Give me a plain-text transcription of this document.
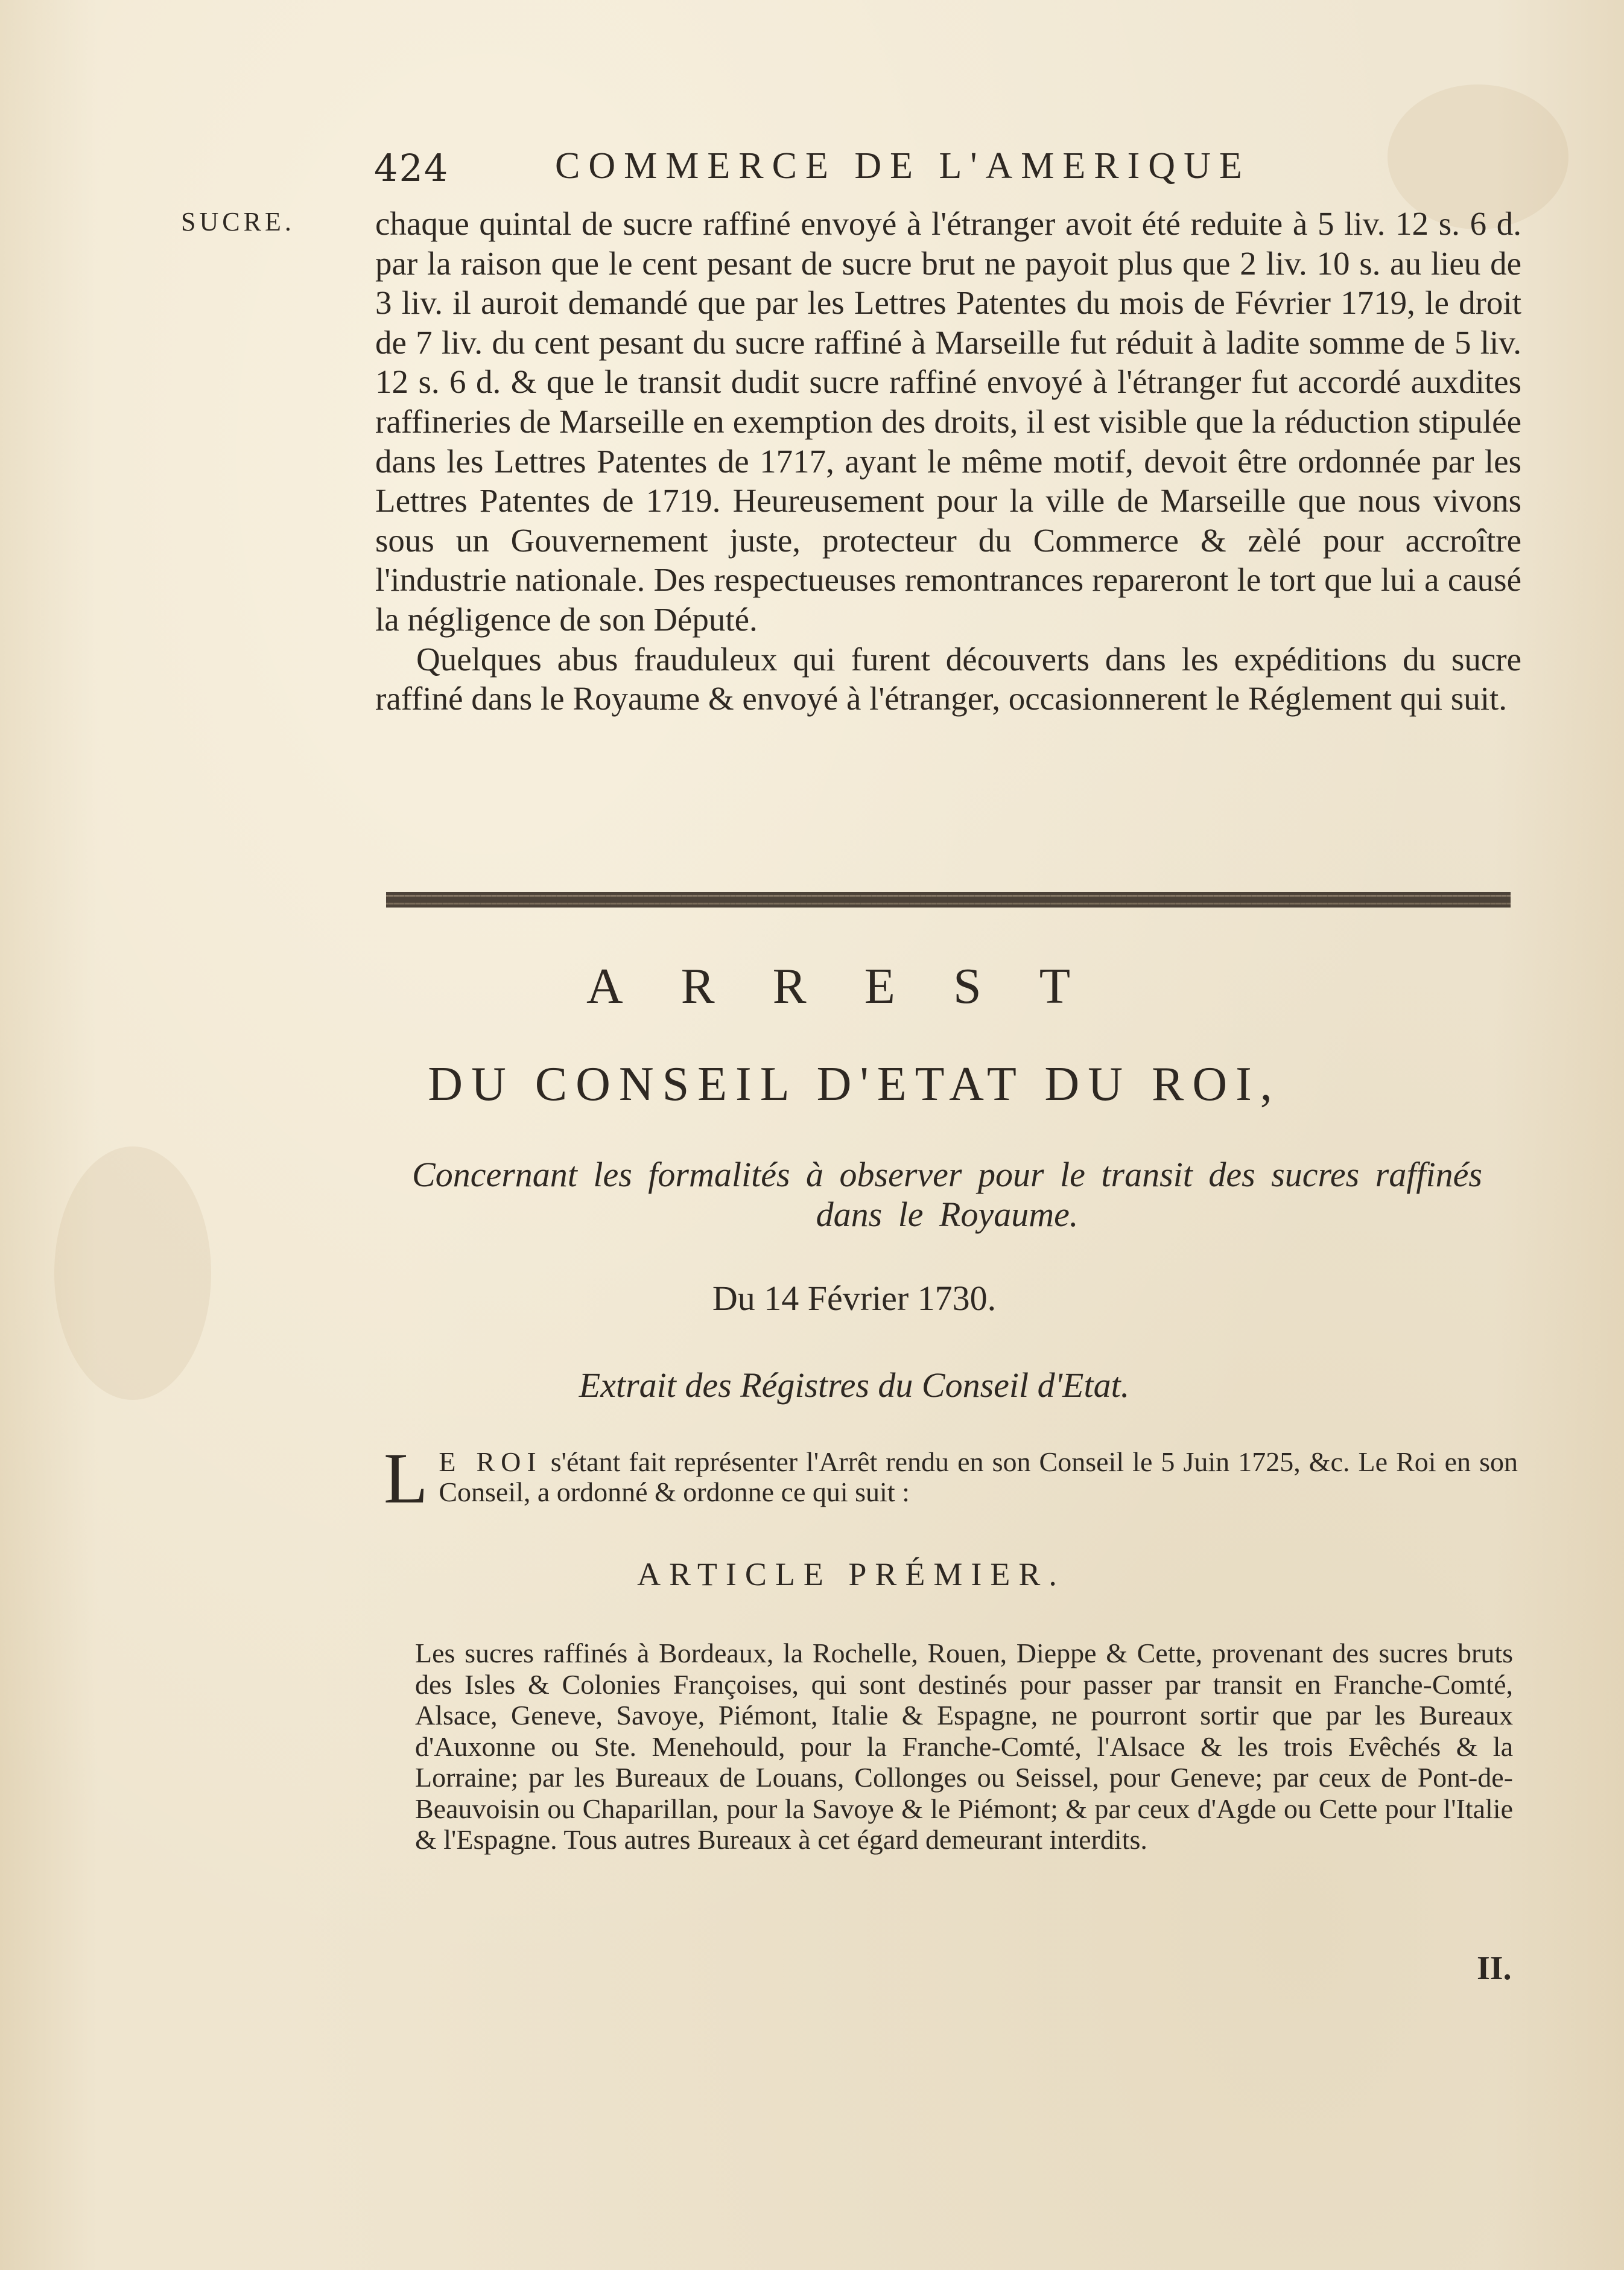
424	COMMERCE DE L'AMERIQUE
SUCRE. chaque quintal de sucre raffiné envoyé à l'étranger avoit été reduite à 5 liv. 12 s. 6 d. par la raison que le cent pesant de sucre brut ne payoit plus que 2 liv. 10 s. au lieu de 3 liv. il auroit demandé que par les Lettres Patentes du mois de Février 1719, le droit de 7 liv. du cent pesant du sucre raffiné à Marseille fut réduit à ladite somme de 5 liv. 12 s. 6 d. & que le transit dudit sucre raffiné envoyé à l'étranger fut accordé auxdites raffineries de Marseille en exemption des droits, il est visible que la réduction stipulée dans les Lettres Patentes de 1717, ayant le même motif, devoit être ordonnée par les Lettres Patentes de 1719. Heureusement pour la ville de Marseille que nous vivons sous un Gouvernement juste, protecteur du Commerce & zèlé pour accroître l'industrie nationale. Des respectueuses remontrances repareront le tort que lui a causé la négligence de son Député.

Quelques abus frauduleux qui furent découverts dans les expéditions du sucre raffiné dans le Royaume & envoyé à l'étranger, occasionnerent le Réglement qui suit.

ARREST
DU CONSEIL D'ETAT DU ROI,
Concernant les formalités à observer pour le transit des sucres raffinés dans le Royaume.
Du 14 Février 1730.
Extrait des Régistres du Conseil d'Etat.
L E ROI s'étant fait représenter l'Arrêt rendu en son Conseil le 5 Juin 1725, &c. Le Roi en son Conseil, a ordonné & ordonne ce qui suit :
ARTICLE PRÉMIER.
Les sucres raffinés à Bordeaux, la Rochelle, Rouen, Dieppe & Cette, provenant des sucres bruts des Isles & Colonies Françoises, qui sont destinés pour passer par transit en Franche-Comté, Alsace, Geneve, Savoye, Piémont, Italie & Espagne, ne pourront sortir que par les Bureaux d'Auxonne ou Ste. Menehould, pour la Franche-Comté, l'Alsace & les trois Evêchés & la Lorraine; par les Bureaux de Louans, Collonges ou Seissel, pour Geneve; par ceux de Pont-de-Beauvoisin ou Chaparillan, pour la Savoye & le Piémont; & par ceux d'Agde ou Cette pour l'Italie & l'Espagne. Tous autres Bureaux à cet égard demeurant interdits.
II.
